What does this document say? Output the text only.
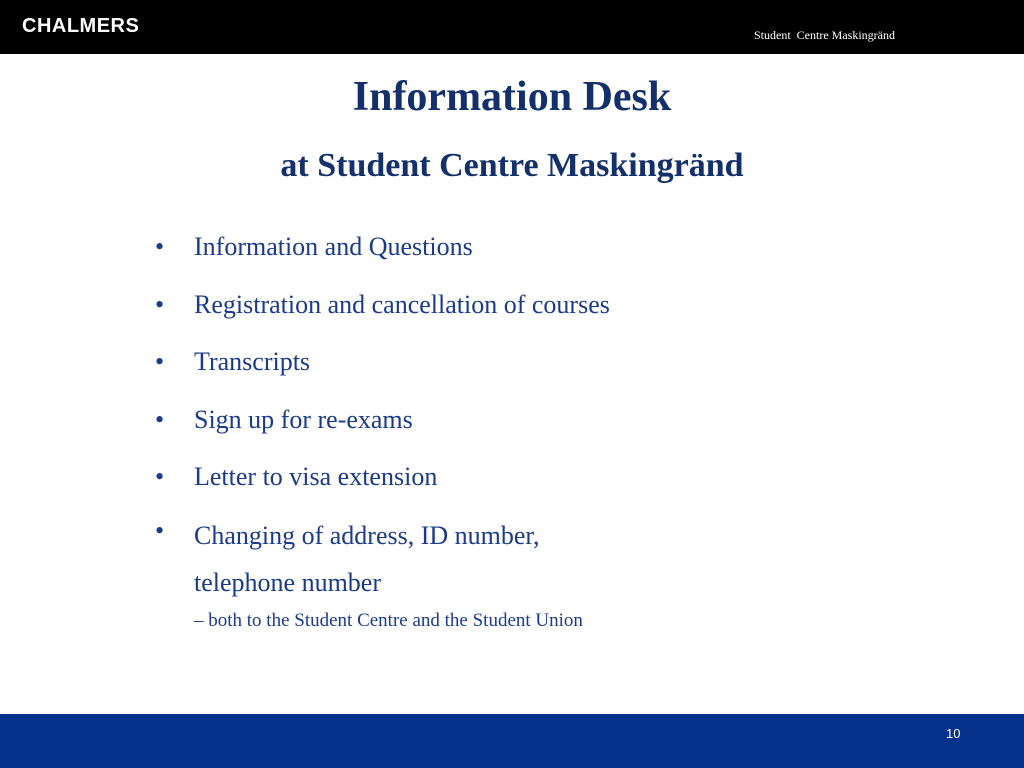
CHALMERS	Student  Centre Maskingränd
Information Desk
at Student Centre Maskingränd
•	Information and Questions
•	Registration and cancellation of courses
•	Transcripts
•	Sign up for re-exams
•	Letter to visa extension
•	Changing of address, ID number, telephone number
– both to the Student Centre and the Student Union
10
